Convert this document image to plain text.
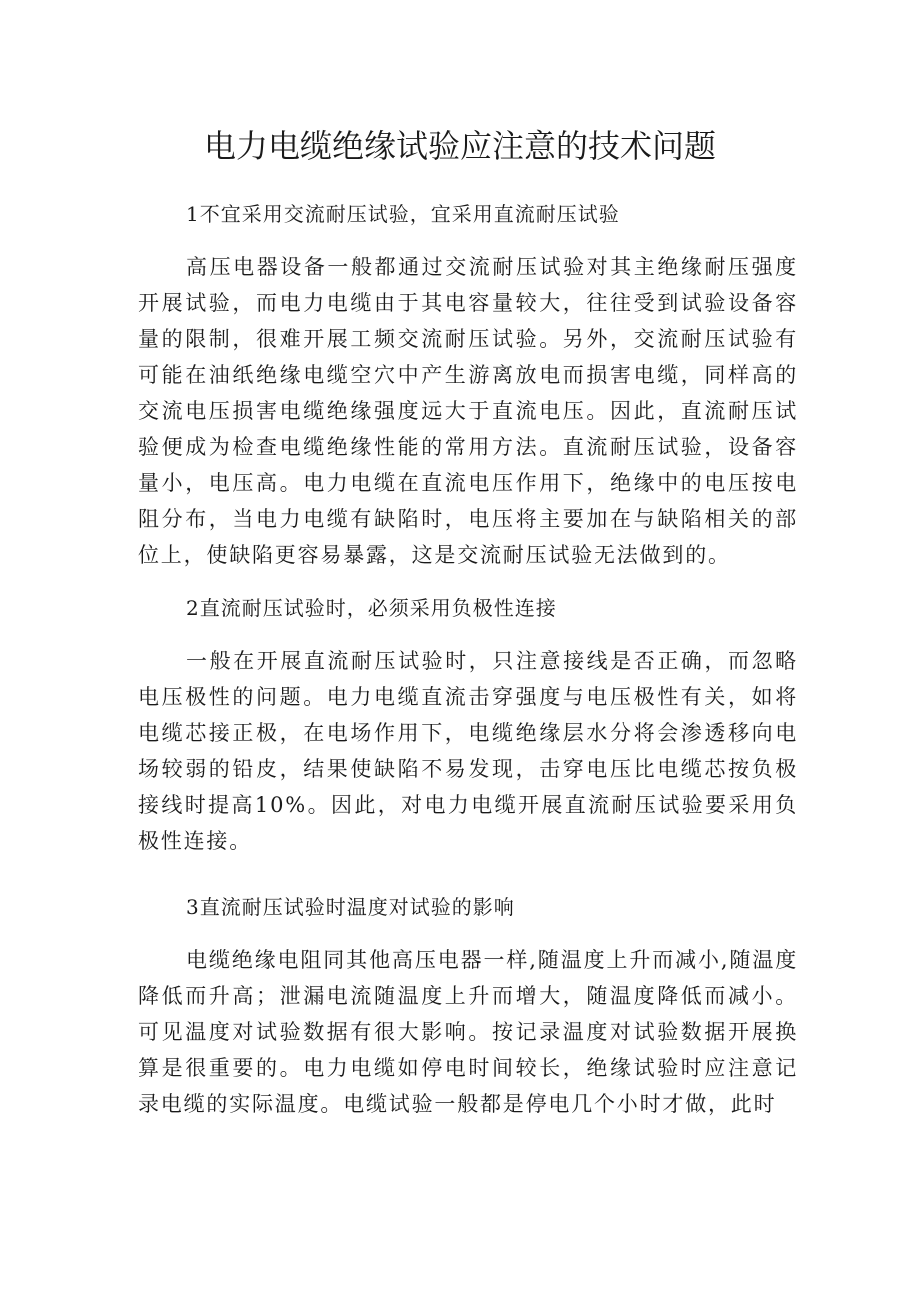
电力电缆绝缘试验应注意的技术问题

1不宜采用交流耐压试验，宜采用直流耐压试验

高压电器设备一般都通过交流耐压试验对其主绝缘耐压强度开展试验，而电力电缆由于其电容量较大，往往受到试验设备容量的限制，很难开展工频交流耐压试验。另外，交流耐压试验有可能在油纸绝缘电缆空穴中产生游离放电而损害电缆，同样高的交流电压损害电缆绝缘强度远大于直流电压。因此，直流耐压试验便成为检查电缆绝缘性能的常用方法。直流耐压试验，设备容量小，电压高。电力电缆在直流电压作用下，绝缘中的电压按电阻分布，当电力电缆有缺陷时，电压将主要加在与缺陷相关的部位上，使缺陷更容易暴露，这是交流耐压试验无法做到的。

2直流耐压试验时，必须采用负极性连接

一般在开展直流耐压试验时，只注意接线是否正确，而忽略电压极性的问题。电力电缆直流击穿强度与电压极性有关，如将电缆芯接正极，在电场作用下，电缆绝缘层水分将会渗透移向电场较弱的铅皮，结果使缺陷不易发现，击穿电压比电缆芯按负极接线时提高10%。因此，对电力电缆开展直流耐压试验要采用负极性连接。

3直流耐压试验时温度对试验的影响

电缆绝缘电阻同其他高压电器一样,随温度上升而减小,随温度降低而升高；泄漏电流随温度上升而增大，随温度降低而减小。可见温度对试验数据有很大影响。按记录温度对试验数据开展换算是很重要的。电力电缆如停电时间较长，绝缘试验时应注意记录电缆的实际温度。电缆试验一般都是停电几个小时才做，此时
